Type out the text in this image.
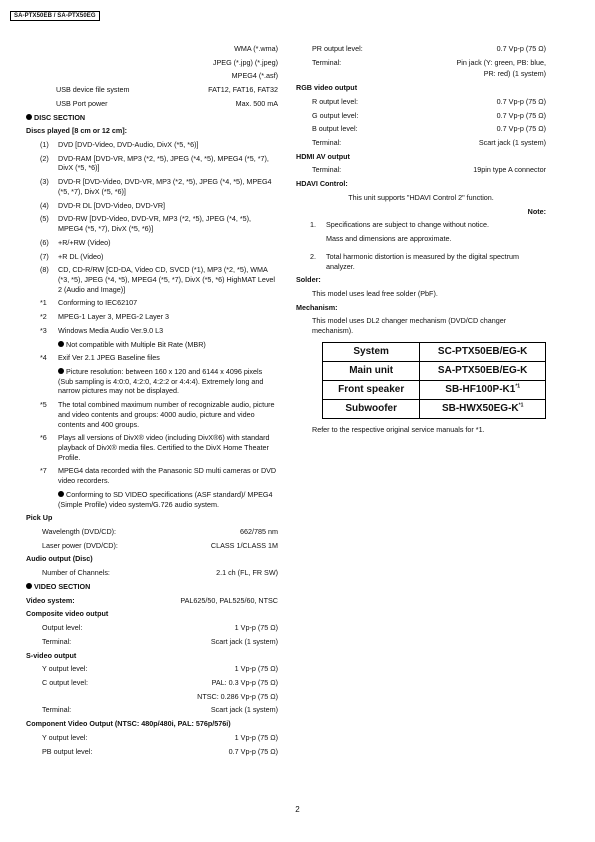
SA-PTX50EB / SA-PTX50EG
WMA (*.wma)
JPEG (*.jpg) (*.jpeg)
MPEG4 (*.asf)
USB device file system	FAT12, FAT16, FAT32
USB Port power	Max. 500 mA
DISC SECTION
Discs played [8 cm or 12 cm]:
(1)	DVD [DVD-Video, DVD-Audio, DivX (*5, *6)]
(2)	DVD-RAM [DVD-VR, MP3 (*2, *5), JPEG (*4, *5), MPEG4 (*5, *7), DivX (*5, *6)]
(3)	DVD-R [DVD-Video, DVD-VR, MP3 (*2, *5), JPEG (*4, *5), MPEG4 (*5, *7), DivX (*5, *6)]
(4)	DVD-R DL [DVD-Video, DVD-VR]
(5)	DVD-RW [DVD-Video, DVD-VR, MP3 (*2, *5), JPEG (*4, *5), MPEG4 (*5, *7), DivX (*5, *6)]
(6)	+R/+RW (Video)
(7)	+R DL (Video)
(8)	CD, CD-R/RW [CD-DA, Video CD, SVCD (*1), MP3 (*2, *5), WMA (*3, *5), JPEG (*4, *5), MPEG4 (*5, *7), DivX (*5, *6) HighMAT Level 2 (Audio and Image)]
*1	Conforming to IEC62107
*2	MPEG-1 Layer 3, MPEG-2 Layer 3
*3	Windows Media Audio Ver.9.0 L3
Not compatible with Multiple Bit Rate (MBR)
*4	Exif Ver 2.1 JPEG Baseline files
Picture resolution: between 160 x 120 and 6144 x 4096 pixels (Sub sampling is 4:0:0, 4:2:0, 4:2:2 or 4:4:4). Extremely long and narrow pictures may not be displayed.
*5	The total combined maximum number of recognizable audio, picture and video contents and groups: 4000 audio, picture and video contents and 400 groups.
*6	Plays all versions of DivX® video (including DivX®6) with standard playback of DivX® media files. Certified to the DivX Home Theater Profile.
*7	MPEG4 data recorded with the Panasonic SD multi cameras or DVD video recorders.
Conforming to SD VIDEO specifications (ASF standard)/ MPEG4 (Simple Profile) video system/G.726 audio system.
Pick Up
Wavelength (DVD/CD):	662/785 nm
Laser power (DVD/CD):	CLASS 1/CLASS 1M
Audio output (Disc)
Number of Channels:	2.1 ch (FL, FR SW)
VIDEO SECTION
Video system:	PAL625/50, PAL525/60, NTSC
Composite video output
Output level:	1 Vp-p (75 Ω)
Terminal:	Scart jack (1 system)
S-video output
Y output level:	1 Vp-p (75 Ω)
C output level:	PAL: 0.3 Vp-p (75 Ω)
NTSC: 0.286 Vp-p (75 Ω)
Terminal:	Scart jack (1 system)
Component Video Output (NTSC: 480p/480i, PAL: 576p/576i)
Y output level:	1 Vp-p (75 Ω)
PB output level:	0.7 Vp-p (75 Ω)
PR output level:	0.7 Vp-p (75 Ω)
Terminal:	Pin jack (Y: green, PB: blue,
PR: red) (1 system)
RGB video output
R output level:	0.7 Vp-p (75 Ω)
G output level:	0.7 Vp-p (75 Ω)
B output level:	0.7 Vp-p (75 Ω)
Terminal:	Scart jack (1 system)
HDMI AV output
Terminal:	19pin type A connector
HDAVI Control:
This unit supports "HDAVI Control 2" function.
Note:
1.	Specifications are subject to change without notice.
Mass and dimensions are approximate.
2.	Total harmonic distortion is measured by the digital spectrum analyzer.
Solder:
This model uses lead free solder (PbF).
Mechanism:
This model uses DL2 changer mechanism (DVD/CD changer mechanism).
System	SC-PTX50EB/EG-K
Main unit	SA-PTX50EB/EG-K
Front speaker	SB-HF100P-K1$^{*1}$
Subwoofer	$SB-HWX50EG-K^{*1}$
Refer to the respective original service manuals for *1.
2
